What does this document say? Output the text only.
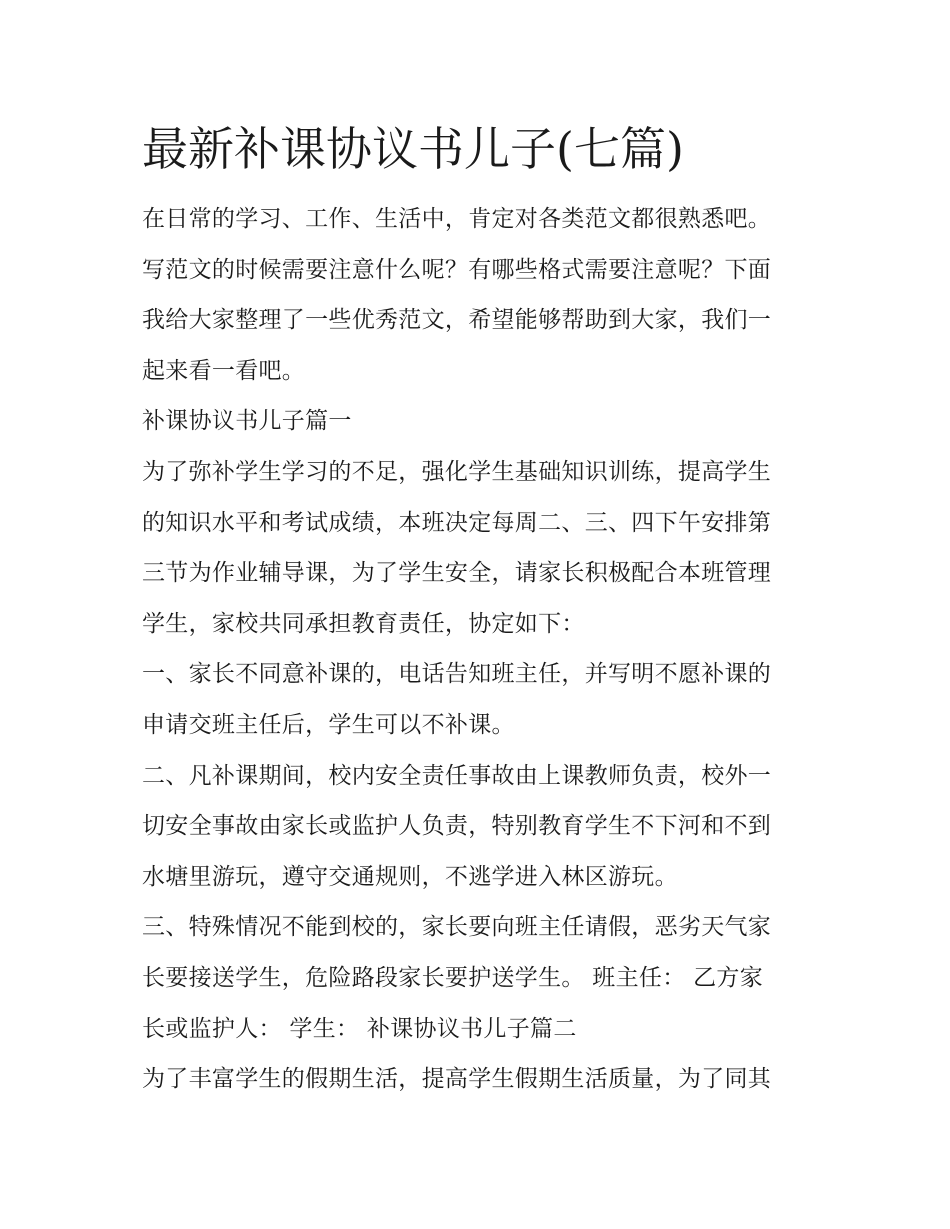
最新补课协议书儿子(七篇)
在日常的学习、工作、生活中，肯定对各类范文都很熟悉吧。
写范文的时候需要注意什么呢？有哪些格式需要注意呢？下面
我给大家整理了一些优秀范文，希望能够帮助到大家，我们一
起来看一看吧。
补课协议书儿子篇一
为了弥补学生学习的不足，强化学生基础知识训练，提高学生
的知识水平和考试成绩，本班决定每周二、三、四下午安排第
三节为作业辅导课，为了学生安全，请家长积极配合本班管理
学生，家校共同承担教育责任，协定如下：
一、家长不同意补课的，电话告知班主任，并写明不愿补课的
申请交班主任后，学生可以不补课。
二、凡补课期间，校内安全责任事故由上课教师负责，校外一
切安全事故由家长或监护人负责，特别教育学生不下河和不到
水塘里游玩，遵守交通规则，不逃学进入林区游玩。
三、特殊情况不能到校的，家长要向班主任请假，恶劣天气家
长要接送学生，危险路段家长要护送学生。 班主任： 乙方家
长或监护人： 学生： 补课协议书儿子篇二
为了丰富学生的假期生活，提高学生假期生活质量，为了同其
